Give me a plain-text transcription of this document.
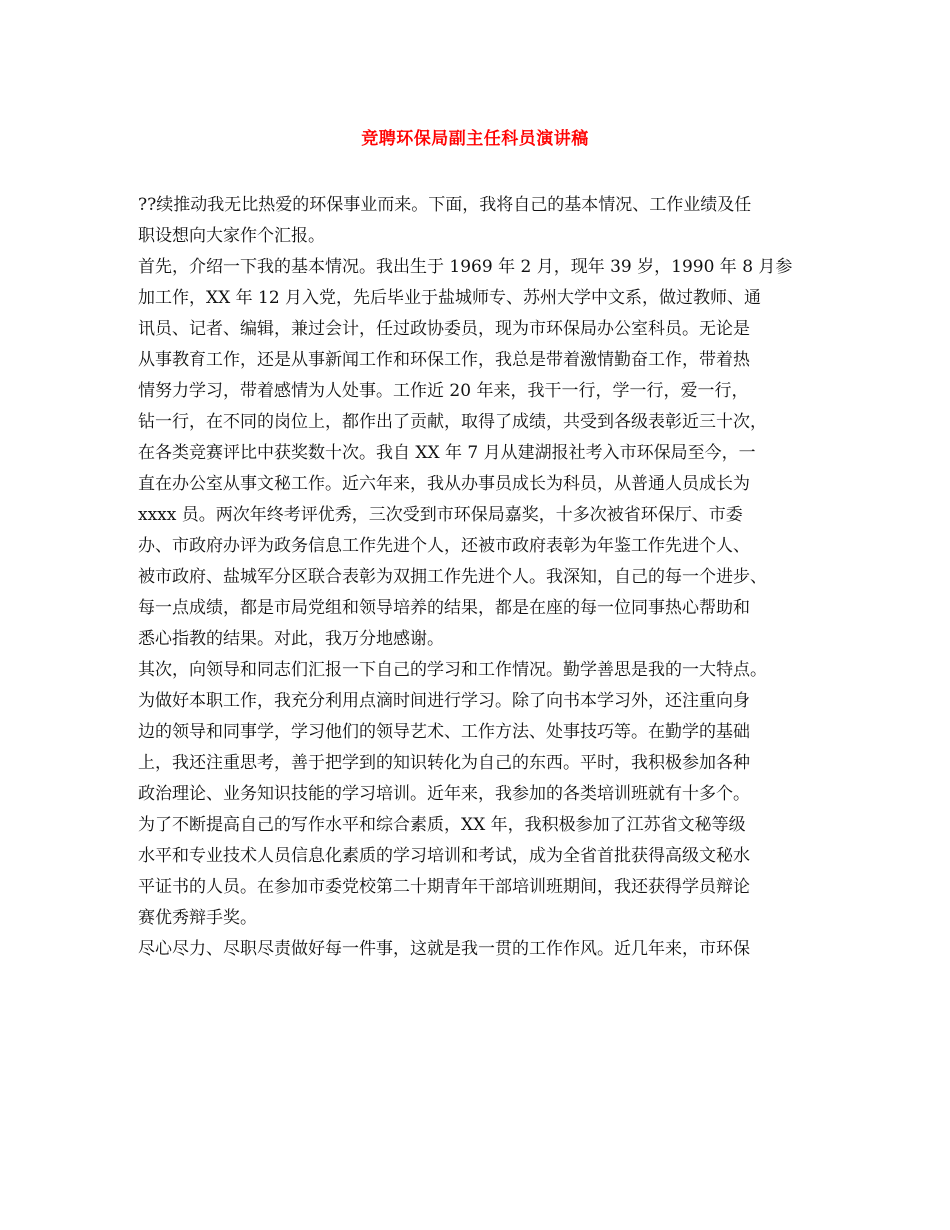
竞聘环保局副主任科员演讲稿
??续推动我无比热爱的环保事业而来。下面，我将自己的基本情况、工作业绩及任
职设想向大家作个汇报。
首先，介绍一下我的基本情况。我出生于 1969 年 2 月，现年 39 岁，1990 年 8 月参
加工作，XX 年 12 月入党，先后毕业于盐城师专、苏州大学中文系，做过教师、通
讯员、记者、编辑，兼过会计，任过政协委员，现为市环保局办公室科员。无论是
从事教育工作，还是从事新闻工作和环保工作，我总是带着激情勤奋工作，带着热
情努力学习，带着感情为人处事。工作近 20 年来，我干一行，学一行，爱一行，
钻一行，在不同的岗位上，都作出了贡献，取得了成绩，共受到各级表彰近三十次，
在各类竞赛评比中获奖数十次。我自 XX 年 7 月从建湖报社考入市环保局至今，一
直在办公室从事文秘工作。近六年来，我从办事员成长为科员，从普通人员成长为
xxxx 员。两次年终考评优秀，三次受到市环保局嘉奖，十多次被省环保厅、市委
办、市政府办评为政务信息工作先进个人，还被市政府表彰为年鉴工作先进个人、
被市政府、盐城军分区联合表彰为双拥工作先进个人。我深知，自己的每一个进步、
每一点成绩，都是市局党组和领导培养的结果，都是在座的每一位同事热心帮助和
悉心指教的结果。对此，我万分地感谢。
其次，向领导和同志们汇报一下自己的学习和工作情况。勤学善思是我的一大特点。
为做好本职工作，我充分利用点滴时间进行学习。除了向书本学习外，还注重向身
边的领导和同事学，学习他们的领导艺术、工作方法、处事技巧等。在勤学的基础
上，我还注重思考，善于把学到的知识转化为自己的东西。平时，我积极参加各种
政治理论、业务知识技能的学习培训。近年来，我参加的各类培训班就有十多个。
为了不断提高自己的写作水平和综合素质，XX 年，我积极参加了江苏省文秘等级
水平和专业技术人员信息化素质的学习培训和考试，成为全省首批获得高级文秘水
平证书的人员。在参加市委党校第二十期青年干部培训班期间，我还获得学员辩论
赛优秀辩手奖。
尽心尽力、尽职尽责做好每一件事，这就是我一贯的工作作风。近几年来，市环保
